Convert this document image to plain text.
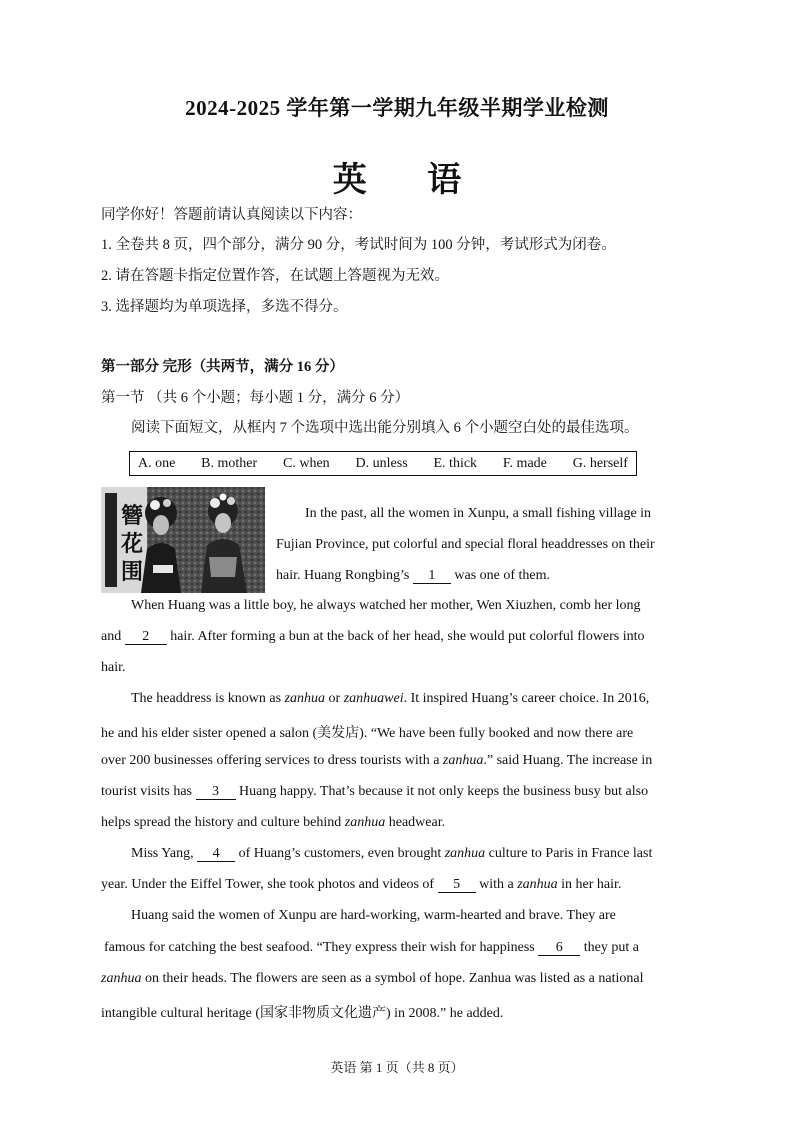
2024-2025 学年第一学期九年级半期学业检测
英 语
同学你好！答题前请认真阅读以下内容：
1. 全卷共 8 页，四个部分，满分 90 分，考试时间为 100 分钟，考试形式为闭卷。
2. 请在答题卡指定位置作答，在试题上答题视为无效。
3. 选择题均为单项选择，多选不得分。
第一部分 完形（共两节，满分 16 分）
第一节 （共 6 个小题；每小题 1 分，满分 6 分）
阅读下面短文，从框内 7 个选项中选出能分别填入 6 个小题空白处的最佳选项。
A. one B. mother C. when D. unless E. thick F. made G. herself
簪
花
围
In the past, all the women in Xunpu, a small fishing village in
Fujian Province, put colorful and special floral headdresses on their
hair. Huang Rongbing’s 1 was one of them.
When Huang was a little boy, he always watched her mother, Wen Xiuzhen, comb her long
and 2 hair. After forming a bun at the back of her head, she would put colorful flowers into
hair.
The headdress is known as zanhua or zanhuawei. It inspired Huang’s career choice. In 2016,
he and his elder sister opened a salon (美发店). “We have been fully booked and now there are
over 200 businesses offering services to dress tourists with a zanhua.” said Huang. The increase in
tourist visits has 3 Huang happy. That’s because it not only keeps the business busy but also
helps spread the history and culture behind zanhua headwear.
Miss Yang, 4 of Huang’s customers, even brought zanhua culture to Paris in France last
year. Under the Eiffel Tower, she took photos and videos of 5 with a zanhua in her hair.
Huang said the women of Xunpu are hard-working, warm-hearted and brave. They are
famous for catching the best seafood. “They express their wish for happiness 6 they put a
zanhua on their heads. The flowers are seen as a symbol of hope. Zanhua was listed as a national
intangible cultural heritage (国家非物质文化遗产) in 2008.” he added.
英语 第 1 页（共 8 页）
